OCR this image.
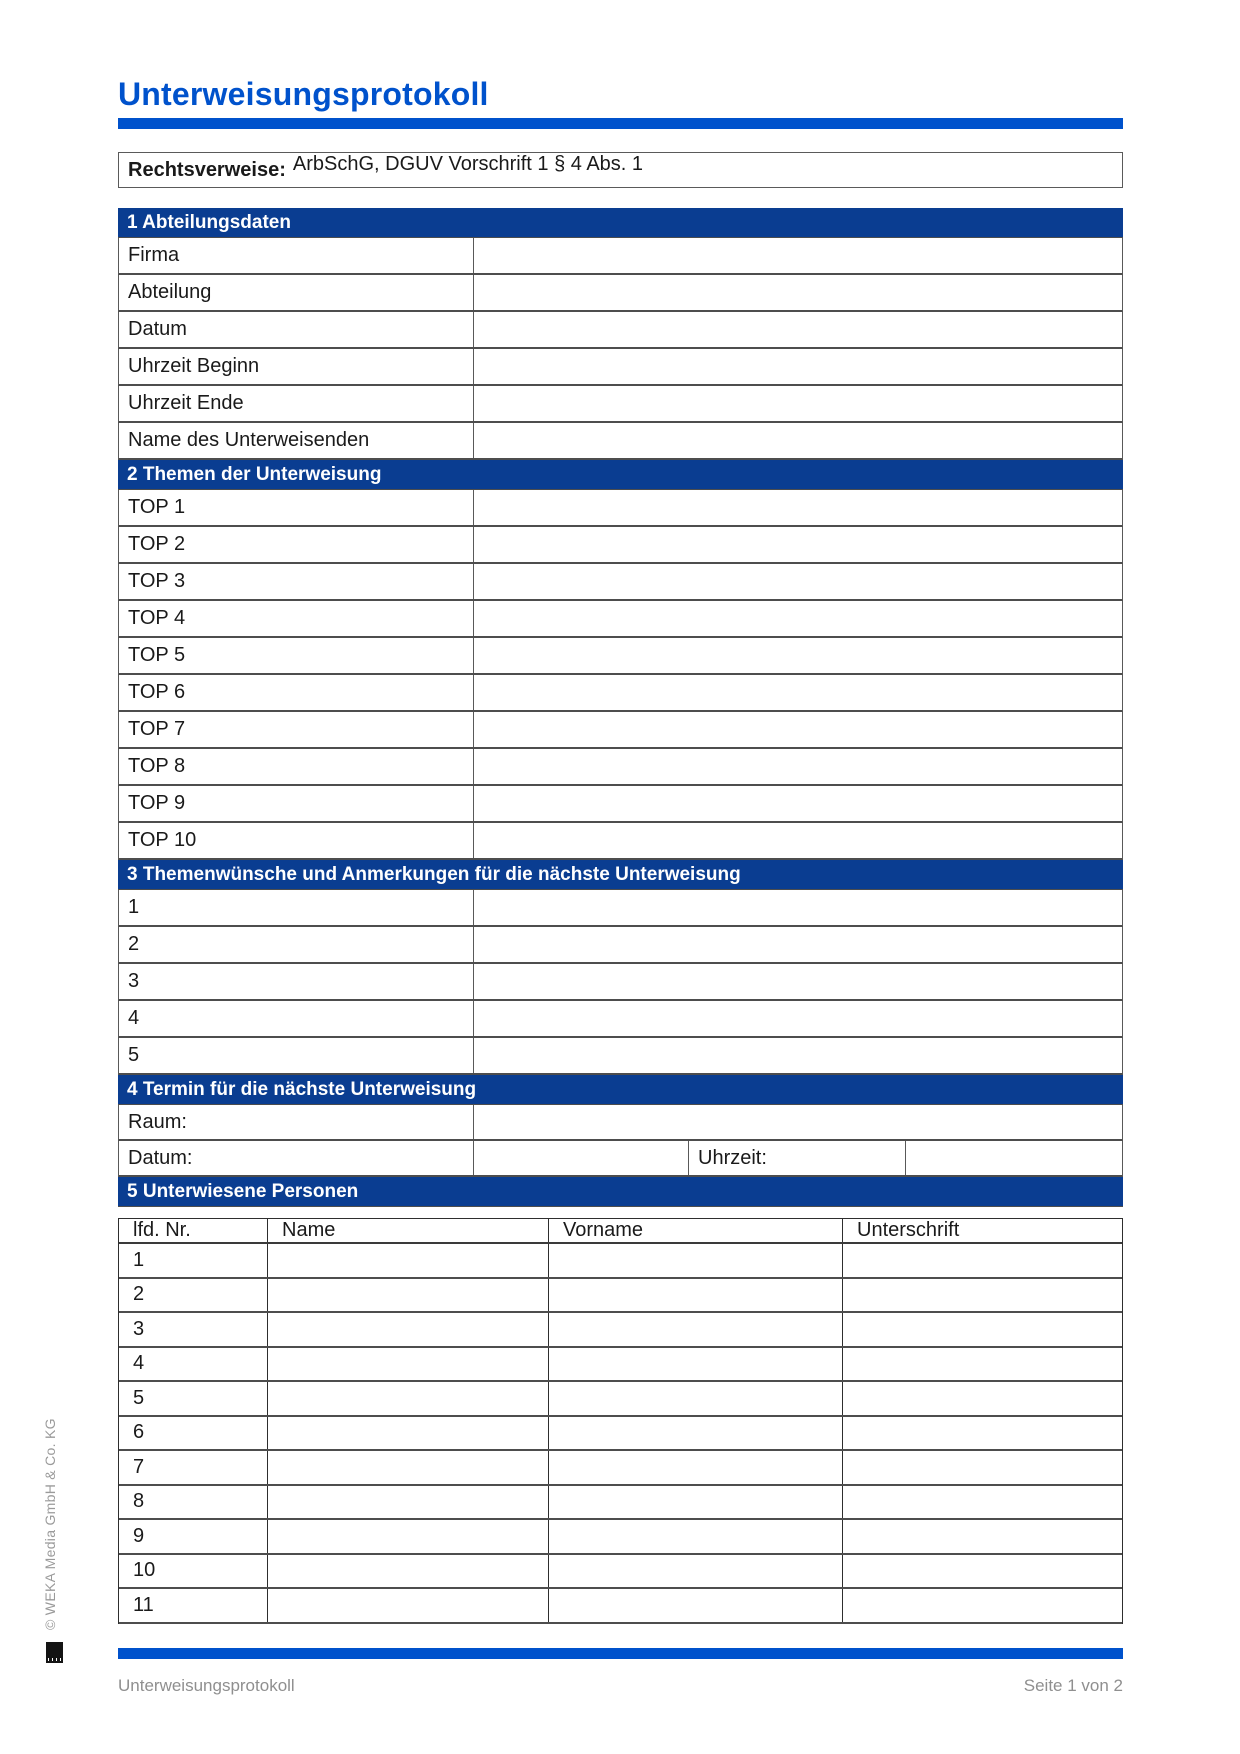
Unterweisungsprotokoll
Rechtsverweise: ArbSchG, DGUV Vorschrift 1 § 4 Abs. 1
1 Abteilungsdaten
Firma
Abteilung
Datum
Uhrzeit Beginn
Uhrzeit Ende
Name des Unterweisenden
2 Themen der Unterweisung
TOP 1
TOP 2
TOP 3
TOP 4
TOP 5
TOP 6
TOP 7
TOP 8
TOP 9
TOP 10
3 Themenwünsche und Anmerkungen für die nächste Unterweisung
1
2
3
4
5
4 Termin für die nächste Unterweisung
Raum:
Datum:	Uhrzeit:
5 Unterwiesene Personen
lfd. Nr.	Name	Vorname	Unterschrift
1
2
3
4
5
6
7
8
9
10
11
© WEKA Media GmbH & Co. KG
Unterweisungsprotokoll	Seite 1 von 2
